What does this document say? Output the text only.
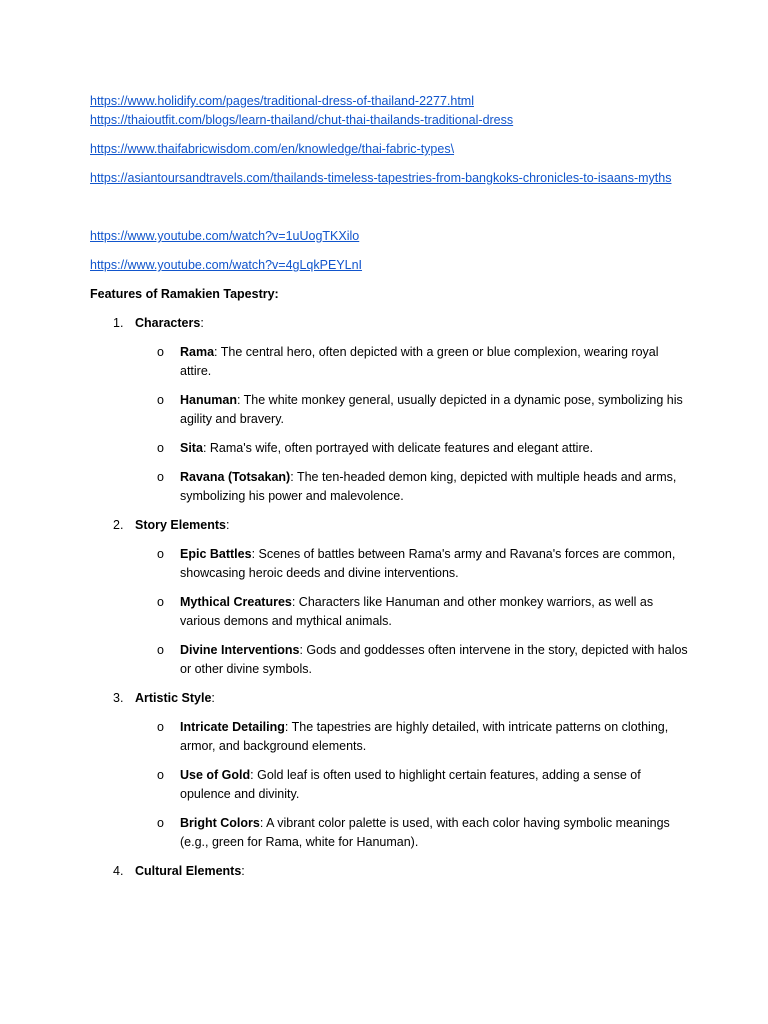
https://www.holidify.com/pages/traditional-dress-of-thailand-2277.html
https://thaioutfit.com/blogs/learn-thailand/chut-thai-thailands-traditional-dress
https://www.thaifabricwisdom.com/en/knowledge/thai-fabric-types\
https://asiantoursandtravels.com/thailands-timeless-tapestries-from-bangkoks-chronicles-to-isaans-myths
https://www.youtube.com/watch?v=1uUogTKXilo
https://www.youtube.com/watch?v=4gLqkPEYLnI
Features of Ramakien Tapestry:
1. Characters:
o Rama: The central hero, often depicted with a green or blue complexion, wearing royal attire.
o Hanuman: The white monkey general, usually depicted in a dynamic pose, symbolizing his agility and bravery.
o Sita: Rama's wife, often portrayed with delicate features and elegant attire.
o Ravana (Totsakan): The ten-headed demon king, depicted with multiple heads and arms, symbolizing his power and malevolence.
2. Story Elements:
o Epic Battles: Scenes of battles between Rama's army and Ravana's forces are common, showcasing heroic deeds and divine interventions.
o Mythical Creatures: Characters like Hanuman and other monkey warriors, as well as various demons and mythical animals.
o Divine Interventions: Gods and goddesses often intervene in the story, depicted with halos or other divine symbols.
3. Artistic Style:
o Intricate Detailing: The tapestries are highly detailed, with intricate patterns on clothing, armor, and background elements.
o Use of Gold: Gold leaf is often used to highlight certain features, adding a sense of opulence and divinity.
o Bright Colors: A vibrant color palette is used, with each color having symbolic meanings (e.g., green for Rama, white for Hanuman).
4. Cultural Elements:
